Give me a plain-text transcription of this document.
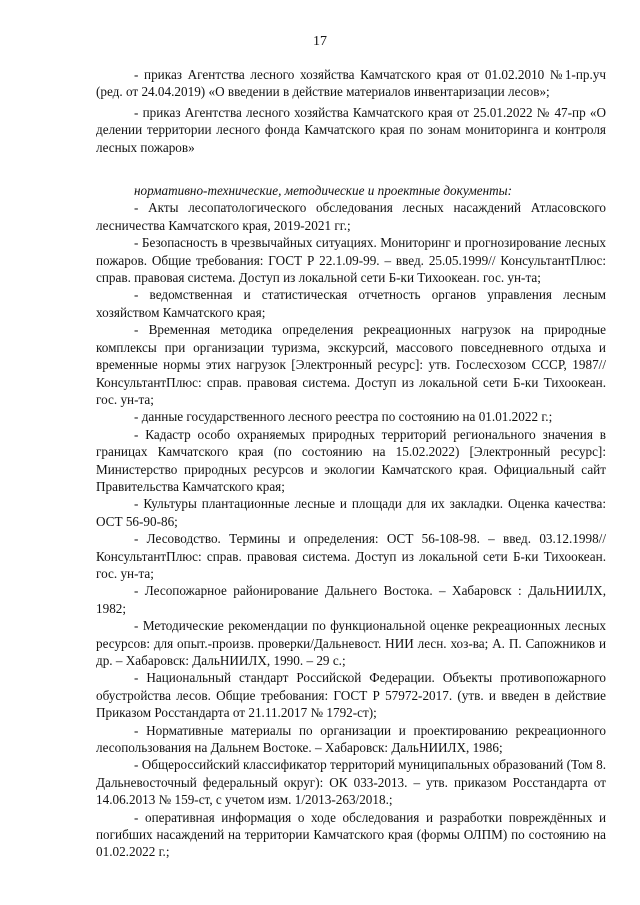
17

- приказ Агентства лесного хозяйства Камчатского края от 01.02.2010 №1-пр.уч (ред. от 24.04.2019) «О введении в действие материалов инвентаризации лесов»;

- приказ Агентства лесного хозяйства Камчатского края от 25.01.2022 № 47-пр «О делении территории лесного фонда Камчатского края по зонам мониторинга и контроля лесных пожаров»

нормативно-технические, методические и проектные документы:

- Акты лесопатологического обследования лесных насаждений Атласовского лесничества Камчатского края, 2019-2021 гг.;

- Безопасность в чрезвычайных ситуациях. Мониторинг и прогнозирование лесных пожаров. Общие требования: ГОСТ Р 22.1.09-99. – введ. 25.05.1999// КонсультантПлюс: справ. правовая система. Доступ из локальной сети Б-ки Тихоокеан. гос. ун-та;

- ведомственная и статистическая отчетность органов управления лесным хозяйством Камчатского края;

- Временная методика определения рекреационных нагрузок на природные комплексы при организации туризма, экскурсий, массового повседневного отдыха и временные нормы этих нагрузок [Электронный ресурс]: утв. Гослесхозом СССР, 1987//КонсультантПлюс: справ. правовая система. Доступ из локальной сети Б-ки Тихоокеан. гос. ун-та;

- данные государственного лесного реестра по состоянию на 01.01.2022 г.;

- Кадастр особо охраняемых природных территорий регионального значения в границах Камчатского края (по состоянию на 15.02.2022) [Электронный ресурс]: Министерство природных ресурсов и экологии Камчатского края. Официальный сайт Правительства Камчатского края;

- Культуры плантационные лесные и площади для их закладки. Оценка качества: ОСТ 56-90-86;

- Лесоводство. Термины и определения: ОСТ 56-108-98. – введ. 03.12.1998// КонсультантПлюс: справ. правовая система. Доступ из локальной сети Б-ки Тихоокеан. гос. ун-та;

- Лесопожарное районирование Дальнего Востока. – Хабаровск : ДальНИИЛХ, 1982;

- Методические рекомендации по функциональной оценке рекреационных лесных ресурсов: для опыт.-произв. проверки/Дальневост. НИИ лесн. хоз-ва; А. П. Сапожников и др. – Хабаровск: ДальНИИЛХ, 1990. – 29 с.;

- Национальный стандарт Российской Федерации. Объекты противопожарного обустройства лесов. Общие требования: ГОСТ Р 57972-2017. (утв. и введен в действие Приказом Росстандарта от 21.11.2017 № 1792-ст);

- Нормативные материалы по организации и проектированию рекреационного лесопользования на Дальнем Востоке. – Хабаровск: ДальНИИЛХ, 1986;

- Общероссийский классификатор территорий муниципальных образований (Том 8. Дальневосточный федеральный округ): ОК 033-2013. – утв. приказом Росстандарта от 14.06.2013 № 159-ст, с учетом изм. 1/2013-263/2018.;

- оперативная информация о ходе обследования и разработки повреждённых и погибших насаждений на территории Камчатского края (формы ОЛПМ) по состоянию на 01.02.2022 г.;
